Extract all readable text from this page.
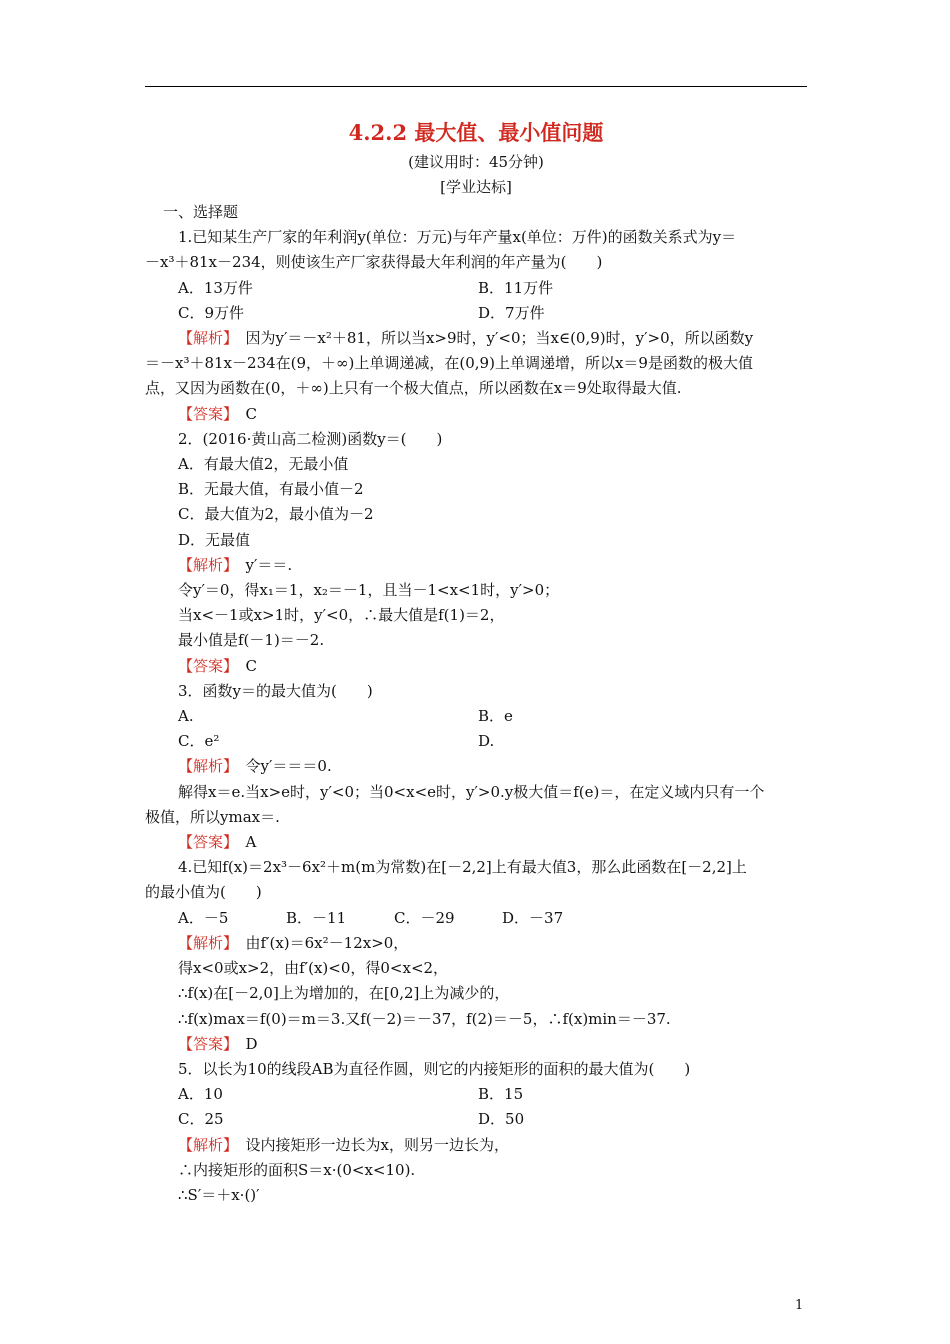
4.2.2 最大值、最小值问题
(建议用时：45分钟)
[学业达标]
一、选择题
1.已知某生产厂家的年利润y(单位：万元)与年产量x(单位：万件)的函数关系式为y＝
－x³＋81x－234，则使该生产厂家获得最大年利润的年产量为(　　)
A．13万件	B．11万件
C．9万件	D．7万件
【解析】　因为y′＝－x²＋81，所以当x>9时，y′<0；当x∈(0,9)时，y′>0，所以函数y
＝－x³＋81x－234在(9，＋∞)上单调递减，在(0,9)上单调递增，所以x＝9是函数的极大值
点，又因为函数在(0，＋∞)上只有一个极大值点，所以函数在x＝9处取得最大值.
【答案】　C
2．(2016·黄山高二检测)函数y＝(　　)
A．有最大值2，无最小值
B．无最大值，有最小值－2
C．最大值为2，最小值为－2
D．无最值
【解析】　y′＝＝.
令y′＝0，得x₁＝1，x₂＝－1，且当－1<x<1时，y′>0；
当x<－1或x>1时，y′<0，∴最大值是f(1)＝2，
最小值是f(－1)＝－2.
【答案】　C
3．函数y＝的最大值为(　　)
A.	B．e
C．e²	D.
【解析】　令y′＝＝＝0.
解得x＝e.当x>e时，y′<0；当0<x<e时，y′>0.y极大值＝f(e)＝，在定义域内只有一个
极值，所以ymax＝.
【答案】　A
4.已知f(x)＝2x³－6x²＋m(m为常数)在[－2,2]上有最大值3，那么此函数在[－2,2]上
的最小值为(　　)
A．－5	B．－11	C．－29	D．－37
【解析】　由f′(x)＝6x²－12x>0，
得x<0或x>2，由f′(x)<0，得0<x<2，
∴f(x)在[－2,0]上为增加的，在[0,2]上为减少的，
∴f(x)max＝f(0)＝m＝3.又f(－2)＝－37，f(2)＝－5，∴f(x)min＝－37.
【答案】　D
5．以长为10的线段AB为直径作圆，则它的内接矩形的面积的最大值为(　　)
A．10	B．15
C．25	D．50
【解析】　设内接矩形一边长为x，则另一边长为，
∴内接矩形的面积S＝x·(0<x<10).
∴S′＝＋x·()′
1
